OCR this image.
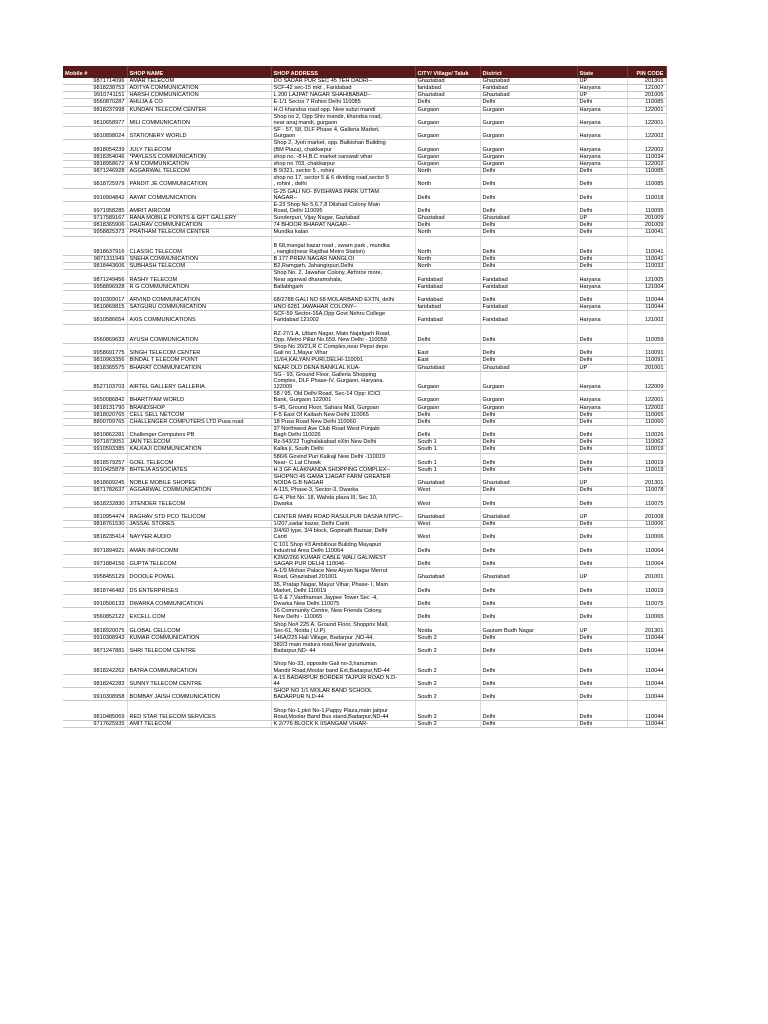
Mobile #	SHOP NAME	SHOP ADDRESS	CITY/ Village/ Taluk	District	State	PIN CODE
9871714096	AMAR TELECOM	DO SADAR PUR SEC 45 TEH DADRI--	Ghaziabad	Ghaziabad	UP	201301
9818238753	ADITYA COMMUNICATION	SCF-42 sec-15 mkt , Faridabad	faridabad	Faridabad	Haryana	121007
9910741151	HARSH COMMUNICATION	L 200 LAJPAT NAGAR SHAHIBABAD--	Ghaziabad	Ghaziabad	UP	201005
9560870287	AHUJA & CO	E-1/1 Sector 7 Rohini Delhi 110085	Delhi	Delhi	Delhi	110085
9818237998	KUNDAN TELECOM CENTER	H.O khandsa road opp. New subzi mandi	Gurgaon	Gurgaon	Haryana	122001
9810658977	MILI COMMUNICATION	Shop no 2, Opp Shiv mandir, khandsa road,
near anaj mandi, gurgaon	Gurgaon	Gurgaon	Haryana	122001
9810898024	STATIONERY WORLD	SF - 57, 58, DLF Phase 4, Galleria Market,
Gurgaon	Gurgaon	Gurgaon	Haryana	122002
9818054239	JULY TELECOM	Shop 2, Jyoti market, opp. Balkishan Building
(BM Plaza), chakkarpur	Gurgaon	Gurgaon	Haryana	122002
9818354046	*PAYLESS COMMUNICATION	shop no. -8 H.B.C market sarswati vihar	Gurgaon	Gurgaon	Haryana	110034
9818958672	A M COMMUNICATION	shop no 703, chakkarpur	Gurgaon	Gurgaon	Haryana	122002
9871246928	AGGARWAL TELECOM	B 9/321, sector 5 , rohini	North	Delhi	Delhi	110085
9818725979	PANDIT JE COMMUNICATION	shop no 17, sector 5 & 6 dividing road,sector 5
, rohini , delhi	North	Delhi	Delhi	110085
9910904842	AAYAT COMMUNICATION	G-25 GALI NO- 8VISHWAS PARK UTTAM
NAGAR--	Delhi	Delhi	Delhi	110018
9971958285	AMRIT AIRCOM	E-23 Shop No 5,6,7,8 Dilshad Colony Main
Road, Delhi 110095	Delhi	Delhi	Delhi	110095
9717589167	RANA MOBILE POINTS & GIFT GALLERY	Sunderpuri, Vijay Nagar, Gaziabad	Ghaziabad	Ghaziabad	UP	201009
9818365906	GAURAV COMMUNICATION	74 BHOOR BHARAT NAGAR--	Delhi	Delhi	Delhi	201009
9958825373	PRATHAM TELECOM CENTER	Mundka kalan	North	Delhi	Delhi	110041
9818637916	CLASSIC TELECOM	
B 68,mangal bazar road , swarn park , mundka
, nangloi(near Rajdhai Metro Station)	North	Delhi	Delhi	110041
9871311949	SNEHA COMMUNICATION	B 177 PREM NAGAR NANGLOI	North	Delhi	Delhi	110041
9818443606	SUBHASH TELECOM	B2,Ramgarh, Jahangirpuri,Delhi	North	Delhi	Delhi	110033
9871249456	RASHY TELECOM	Shop No. 2, Jawahar Colony, Airforce more,
Near agarwal dharamshala,	Faridabad	Faridabad	Haryana	121005
9958896928	R G COMMUNICATION	Ballabhgarh	Faridabad	Faridabad	Haryana	121004
9910309017	ARVIND COMMUNICATION	
68/2788 GALI NO 68 MOLARBAND EXTN, delhi	Faridabad	Delhi	Delhi	110044
9810869815	SATGURU COMMUNICATION	HNO 6281 JAWAHAR COLONY--	faridabad	Faridabad	Haryana	110044
9810586654	AXIS COMMUNICATIONS	SCF-59 Sector-16A,Opp Govt Nehru College
Faridabad 121002	Faridabad	Faridabad	Haryana	121002
9560869633	AYUSH COMMUNICATION	
RZ-27/1 A, Uttam Nagar, Main Najafgarh Road,
Opp. Metro Pillar No.659. New Delhi - 110059	Delhi	Delhi	Delhi	110059
9958691775	SINGH TELECOM CENTER	Shop No 20/21,R C Complex,near Pepsi depo
Gali no 1,Mayur Vihar	East	Delhi	Delhi	110091
9810963356	BINDAL T ELECOM POINT	11/64,KALYAN PURI,DELHI-110091	East	Delhi	Delhi	110091
9818365575	BHARAT COMMUNICATION	NEAR OLD DENA BANKLAL KUA-	Ghaziabad	Ghaziabad	UP	201001
8527103703	AIRTEL GALLERY GALLERIA	SG - 93, Ground Floor, Galleria Shopping
Complex, DLF Phase-IV, Gurgaon, Haryana.
122009	Gurgaon	Gurgaon	Haryana	122009
9650086842	BHARTIYAM WORLD	58 / 95, Old Delhi Road, Sec-14 Opp: ICICI
Bank, Gurgaon 122001	Gurgaon	Gurgaon	Haryana	122001
9818131790	BRANDSHOP	S-45, Ground Floor, Sahara Mall, Gurgoan	Gurgaon	Gurgaon	Haryana	122002
9818020765	CELL SELL NETCOM	F-5 East Of Kailash New Delhi 110065	Delhi	Delhi	Delhi	110065
8800709765	CHALLENGER COMPUTERS LTD Pusa road	18 Pusa Road New Delhi 110060	Delhi	Delhi	Delhi	110060
9810862281	Challenger Computers PB	37 Northwest Ave Club Road West Punjabi
Bagh Delhi 110026	Delhi	Delhi	Delhi	110026
9971873051	JAIN TELECOM	Rz-543/22 Tughalakabad eXtn New Delhi	South 1	Delhi	Delhi	110062
9910593385	KALKAJI COMMUNICATION	Kalka ji, South Delhi	South 1	Delhi	Delhi	110019
9818579257	GOEL TELECOM	586/6 Govind Puri Kalkaji New Delhi -110019
Near- C Lal Chowk	South 1	Delhi	Delhi	110019
9910425878	BHTEJA ASSOCIATES	H 3 GF ALAKNANDA SHOPPING COMPLEX--	South 1	Delhi	Delhi	110019
9818609245	NOBLE MOBILE SHOPEE	SHOPNO 45 GAMA 1JAGAT FARM GREATER
NOIDA G.B NAGAR	Ghaziabad	Ghaziabad	UP	201301
9871782637	AGGARWAL COMMUNICATION	A-115, Phase-3, Sector-3, Dwarka	West	Delhi	Delhi	110078
9818232830	JITENDER TELECOM	G-4, Plot No. 18, Wahda plaza III, Sec 10,
Dwarka	West	Delhi	Delhi	110075
9810954474	RAGHAV STD PCO TELICOM	
CENTER MAIN ROAD RASULPUR DASNA NTPC--	Ghaziabad	Ghaziabad	UP	201008
9818761530	JASSAL STORES	1/207,sadar bazar, Delhi Cantt	West	Delhi	Delhi	110006
9818235414	NAYYER AUDIO	3/4/60 type, 3/4 block, Gopinath Bazaar, Delhi
Cantt	West	Delhi	Delhi	110006
9971894921	AMAN INFOCOMM	C 101 Shop #3 Ambitious Buildng Mayapuri
Industrial Area Delhi 110064	Delhi	Delhi	Delhi	110064
9971884156	GUPTA TELECOM	K2M2/266 KUMAR CABLE WALI GALIWEST
SAGAR PUR DELHI 110046-	Delhi	Delhi	Delhi	110064
9958455129	DOODLE POWEL	A-1/9 Mohan Palace New Aryan Nagar Merrut
Road, Ghaziabad 201001	Ghaziabad	Ghaziabad	UP	201001
9818746482	DS ENTERPRISES	35, Pratap Nagar, Mayur Vihar, Phase- I, Main
Market, Delhi 110019	Delhi	Delhi	Delhi	110019
9910506133	DWARKA COMMUNICATION	G 6 & 7,Vardhaman Jaypee Tower Sec -4,
Dwarka New Delhi 110075	Delhi	Delhi	Delhi	110075
9560852122	EXCELL COM	16 Community Centre, New Friends Colony,
New Delhi - 110065	Delhi	Delhi	Delhi	110065
9818920075	GLOBAL CELLCOM	Shop No# 225 A, Ground Floor, Shopprix Mall,
Sec-61, Noida ( U.P)	Noida	Gautam Budh Nagar	UP	201301
9910308943	KUMAR COMMUNICATION	146A/225 Hali Village, Badarpur ,ND-44.	South 2	Delhi	Delhi	110044
9871247881	SHRI TELECOM CENTRE	382/3 main matura road,Near gurudwara,
Badarpur,ND- 44	South 2	Delhi	Delhi	110044
9818242262	BATRA COMMUNICATION	
Shop No-33, opposite Gali no-3,hanuman
Mandir Road,Moolar band Ext,Badarpur,ND-44	South 2	Delhi	Delhi	110044
9818242283	SUNNY TELECOM CENTRE	A-15 BADARPUR BORDER TAJPUR ROAD N.D-
44	South 2	Delhi	Delhi	110044
9910308958	BOMBAY JAISH COMMUNICATION	SHOP NO 1/1 MOLAR BAND SCHOOL
BADARPUR N.D-44	South 2	Delhi	Delhi	110044
9810485069	RED STAR TELECOM SERVICES	
Shop No-1,plot No-1,Pappy Plaza,main jaitpur
Road,Moolar Band Bus stand,Badarpur,ND-44	South 2	Delhi	Delhi	110044
9717625935	AMIT TELECOM	K 2/776 BLOCK K IISANGAM VIHAR-	South 2	Delhi	Delhi	110044
